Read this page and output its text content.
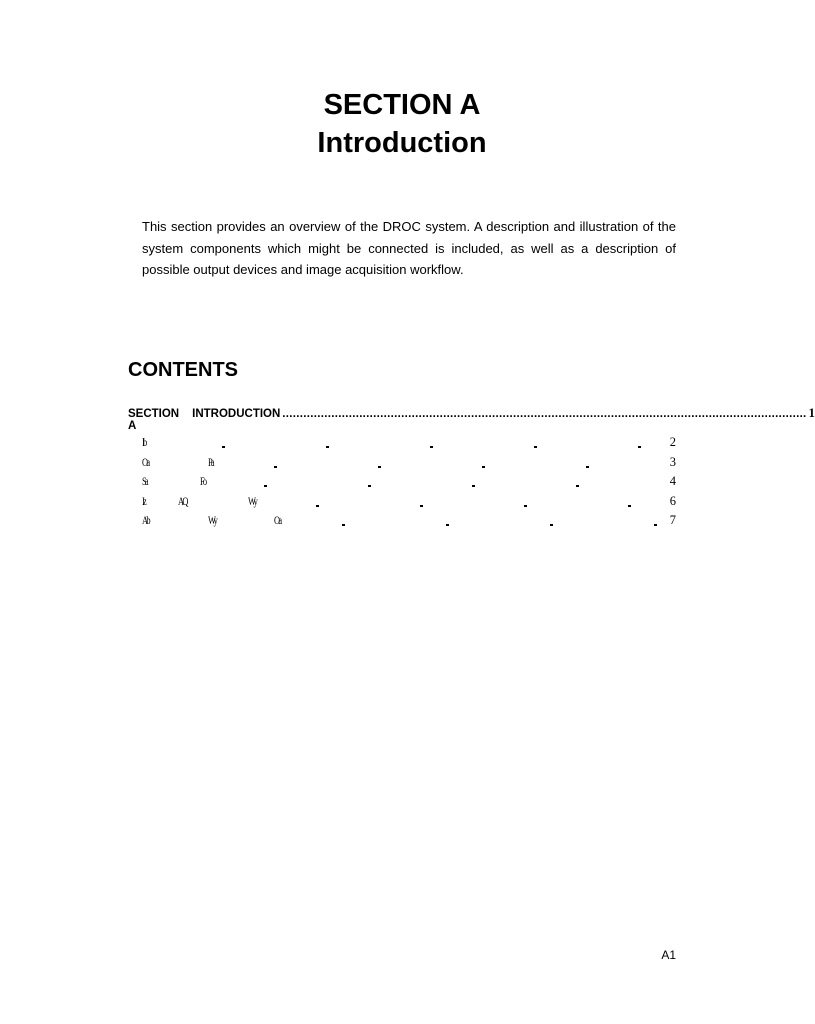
SECTION A
Introduction
This section provides an overview of the DROC system. A description and illustration of the system components which might be connected is included, as well as a description of possible output devices and image acquisition workflow.
CONTENTS
SECTION A
INTRODUCTION ...................................................................................................................................................... 1
Ib	2
Oa	Pa	3
Sa	Fo	4
Iz	AQ	Wy	6
Ab	Wy	Oa	7
A1
